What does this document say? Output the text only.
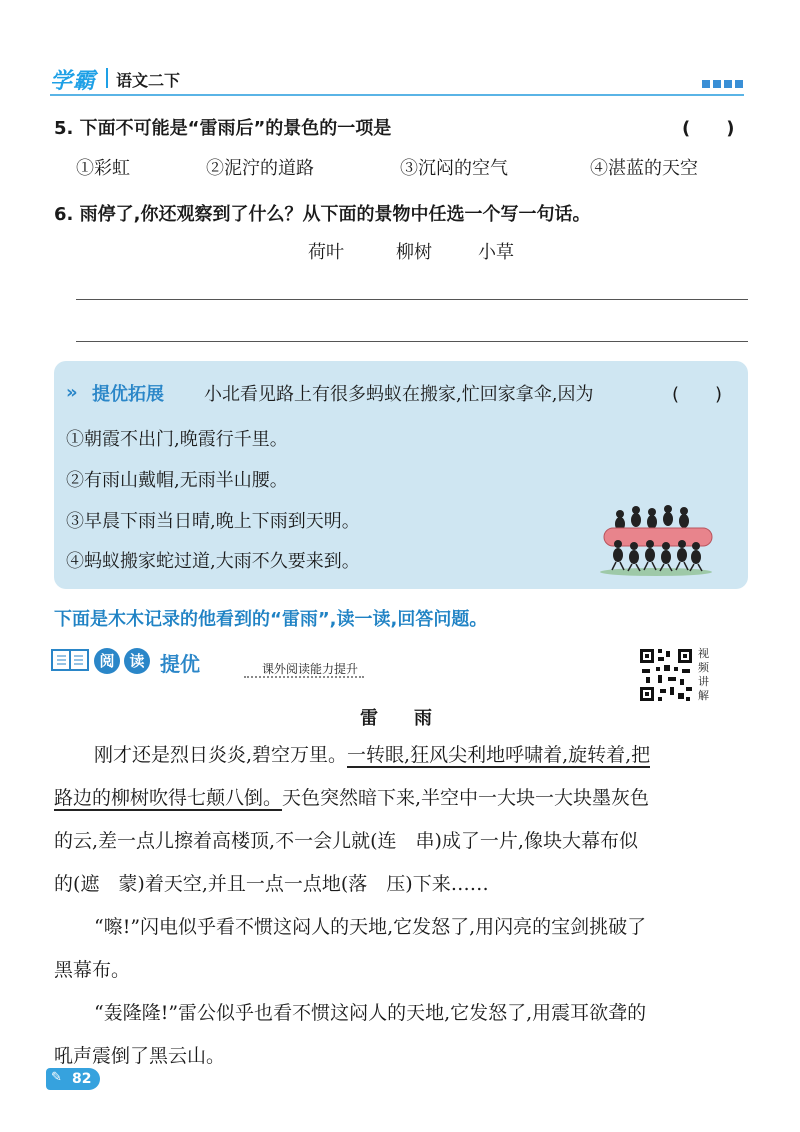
学霸 语文二下
5. 下面不可能是“雷雨后”的景色的一项是	(　　)
①彩虹	②泥泞的道路	③沉闷的空气	④湛蓝的天空
6. 雨停了,你还观察到了什么？从下面的景物中任选一个写一句话。
荷叶	柳树	小草
» 提优拓展 小北看见路上有很多蚂蚁在搬家,忙回家拿伞,因为	(　　)
①朝霞不出门,晚霞行千里。
②有雨山戴帽,无雨半山腰。
③早晨下雨当日晴,晚上下雨到天明。
④蚂蚁搬家蛇过道,大雨不久要来到。
下面是木木记录的他看到的“雷雨”,读一读,回答问题。
阅 读 提优	课外阅读能力提升
视频讲解
雷　　雨
刚才还是烈日炎炎,碧空万里。一转眼,狂风尖利地呼啸着,旋转着,把
路边的柳树吹得七颠八倒。天色突然暗下来,半空中一大块一大块墨灰色
的云,差一点儿擦着高楼顶,不一会儿就(连　串)成了一片,像块大幕布似
的(遮　蒙)着天空,并且一点一点地(落　压)下来……
“嚓!”闪电似乎看不惯这闷人的天地,它发怒了,用闪亮的宝剑挑破了
黑幕布。
“轰隆隆!”雷公似乎也看不惯这闷人的天地,它发怒了,用震耳欲聋的
吼声震倒了黑云山。
✎ 82
